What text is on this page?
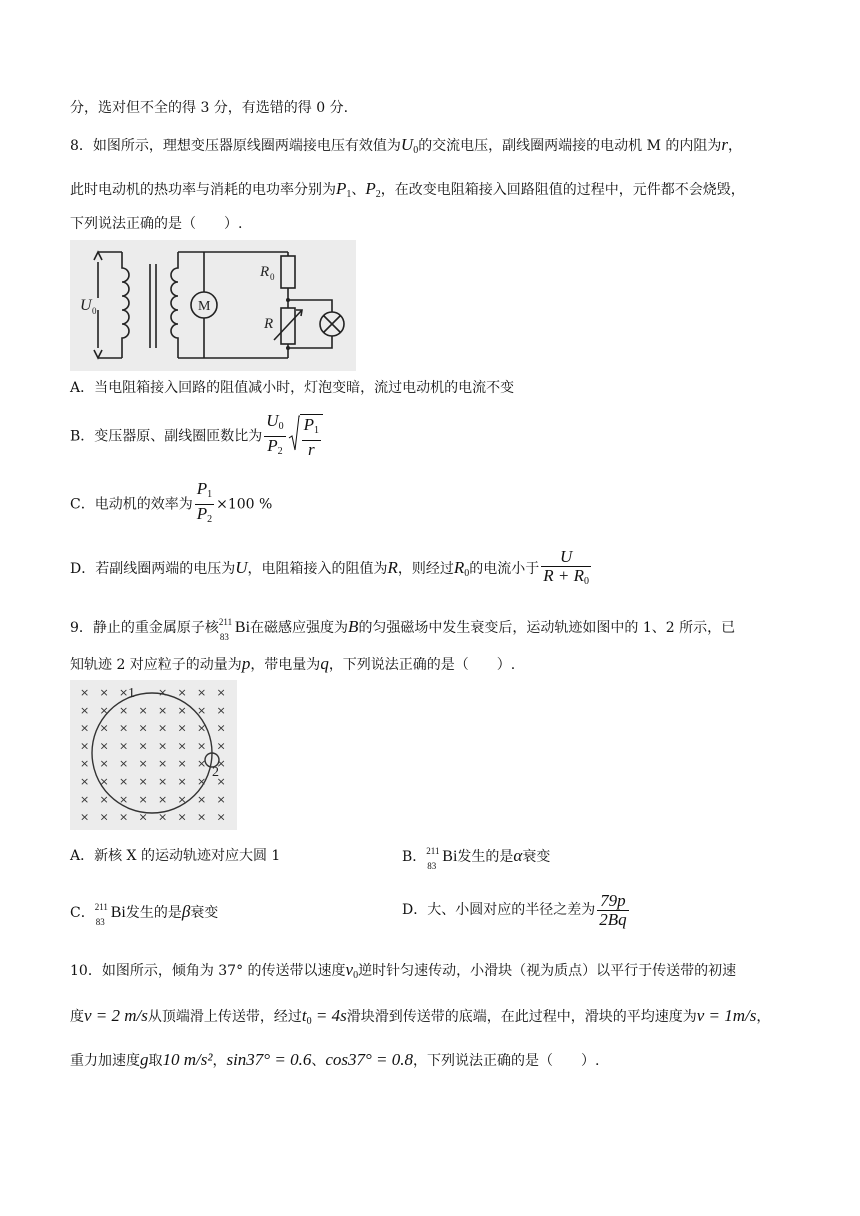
分，选对但不全的得 3 分，有选错的得 0 分.
8．如图所示，理想变压器原线圈两端接电压有效值为$U_0$的交流电压，副线圈两端接的电动机 M 的内阻为r，
此时电动机的热功率与消耗的电功率分别为$P_1$、$P_2$，在改变电阻箱接入回路阻值的过程中，元件都不会烧毁，
下列说法正确的是（　　）.
U 0	M
R 0
R
A．当电阻箱接入回路的阻值减小时，灯泡变暗，流过电动机的电流不变
B．变压器原、副线圈匝数比为 $\frac{U_0}{P_2} \frac{P_1}{r}$
C．电动机的效率为 $\frac{P_1}{P_2} \times 100$ %
D．若副线圈两端的电压为U，电阻箱接入的阻值为R，则经过$R_0$的电流小于 $\frac{U}{R + R_0}$
9．静止的重金属原子核 211
83
Bi在磁感应强度为B的匀强磁场中发生衰变后，运动轨迹如图中的 1、2 所示，已
知轨迹 2 对应粒子的动量为p，带电量为q，下列说法正确的是（　　）.
× × ×	× × × ×
× × × × × × × ×
× × × × × × × ×
× × × × × × × ×
× × × × × × × ×
× × × × × × × ×
× × × × × × × ×
× × × × × × × ×
1
2
A．新核 X 的运动轨迹对应大圆 1	B． 211
83
Bi发生的是α衰变
C． 211
83
Bi发生的是β衰变	D．大、小圆对应的半径之差为 $\frac{79p}{2Bq}$
10．如图所示，倾角为 37° 的传送带以速度$v_0$逆时针匀速传动，小滑块（视为质点）以平行于传送带的初速
度v = 2 m/s从顶端滑上传送带，经过$t_0 = 4s$滑块滑到传送带的底端，在此过程中，滑块的平均速度为v = 1m/s，
重力加速度g取10 m/s²，sin37° = 0.6、cos37° = 0.8，下列说法正确的是（　　）.
